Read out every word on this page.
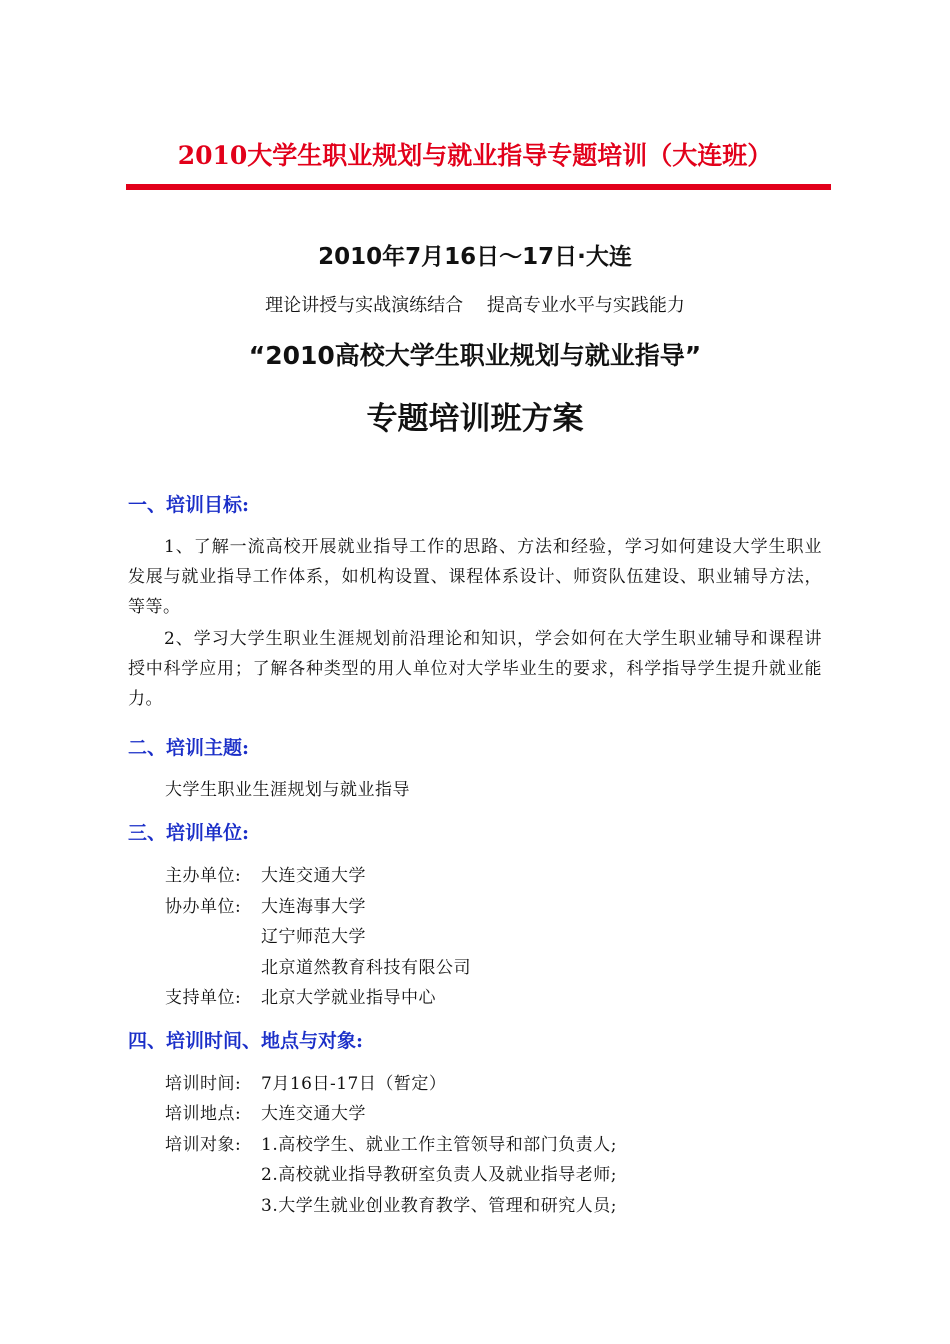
2010大学生职业规划与就业指导专题培训（大连班）
2010年7月16日～17日·大连
理论讲授与实战演练结合 提高专业水平与实践能力
“2010高校大学生职业规划与就业指导”
专题培训班方案
一、培训目标:
1、了解一流高校开展就业指导工作的思路、方法和经验，学习如何建设大学生职业发展与就业指导工作体系，如机构设置、课程体系设计、师资队伍建设、职业辅导方法，等等。
2、学习大学生职业生涯规划前沿理论和知识，学会如何在大学生职业辅导和课程讲授中科学应用；了解各种类型的用人单位对大学毕业生的要求，科学指导学生提升就业能力。
二、培训主题:
大学生职业生涯规划与就业指导
三、培训单位:
主办单位: 大连交通大学
协办单位: 大连海事大学
辽宁师范大学
北京道然教育科技有限公司
支持单位: 北京大学就业指导中心
四、培训时间、地点与对象:
培训时间: 7月16日-17日（暂定）
培训地点: 大连交通大学
培训对象: 1.高校学生、就业工作主管领导和部门负责人;
2.高校就业指导教研室负责人及就业指导老师;
3.大学生就业创业教育教学、管理和研究人员;
